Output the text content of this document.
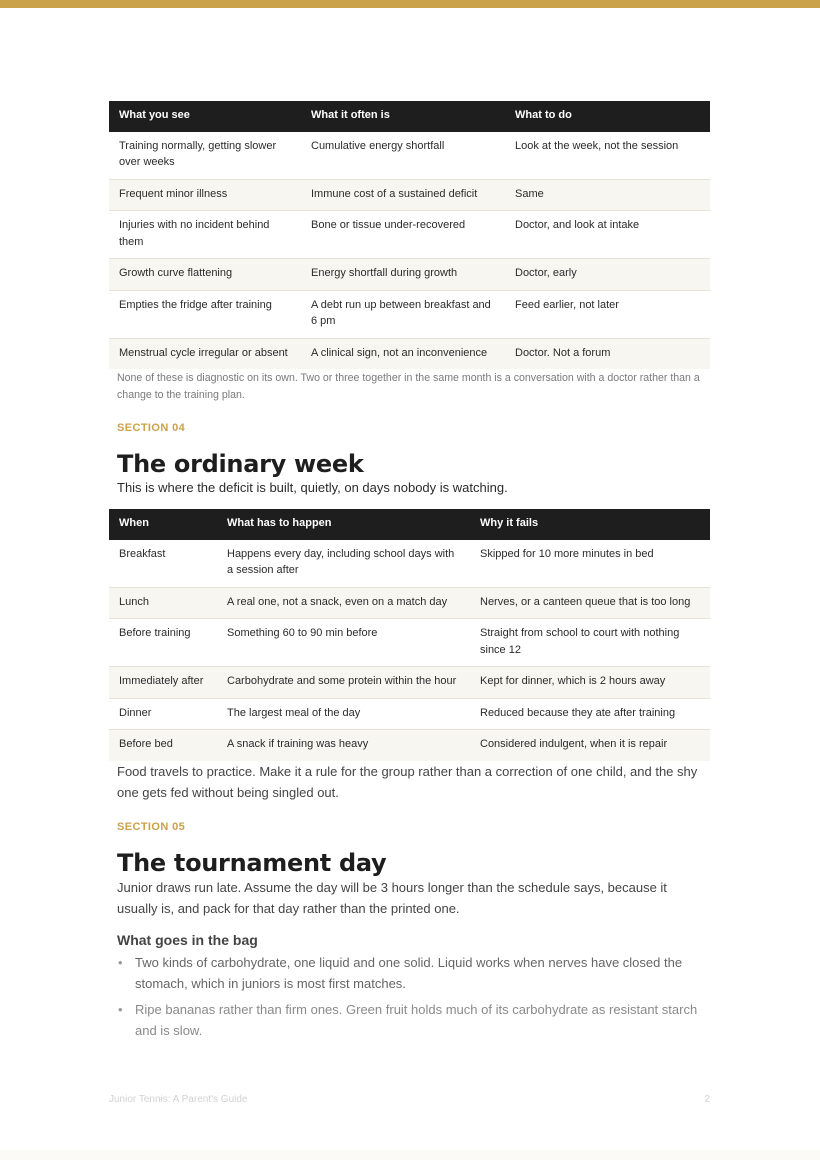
What you see	What it often is	What to do
Training normally, getting slower over weeks	Cumulative energy shortfall	Look at the week, not the session
Frequent minor illness	Immune cost of a sustained deficit	Same
Injuries with no incident behind them	Bone or tissue under-recovered	Doctor, and look at intake
Growth curve flattening	Energy shortfall during growth	Doctor, early
Empties the fridge after training	A debt run up between breakfast and 6 pm	Feed earlier, not later
Menstrual cycle irregular or absent	A clinical sign, not an inconvenience	Doctor. Not a forum
None of these is diagnostic on its own. Two or three together in the same month is a conversation with a doctor rather than a change to the training plan.
SECTION 04
The ordinary week
This is where the deficit is built, quietly, on days nobody is watching.
When	What has to happen	Why it fails
Breakfast	Happens every day, including school days with a session after	Skipped for 10 more minutes in bed
Lunch	A real one, not a snack, even on a match day	Nerves, or a canteen queue that is too long
Before training	Something 60 to 90 min before	Straight from school to court with nothing since 12
Immediately after	Carbohydrate and some protein within the hour	Kept for dinner, which is 2 hours away
Dinner	The largest meal of the day	Reduced because they ate after training
Before bed	A snack if training was heavy	Considered indulgent, when it is repair
Food travels to practice. Make it a rule for the group rather than a correction of one child, and the shy one gets fed without being singled out.
SECTION 05
The tournament day
Junior draws run late. Assume the day will be 3 hours longer than the schedule says, because it usually is, and pack for that day rather than the printed one.
What goes in the bag
• Two kinds of carbohydrate, one liquid and one solid. Liquid works when nerves have closed the stomach, which in juniors is most first matches.
• Ripe bananas rather than firm ones. Green fruit holds much of its carbohydrate as resistant starch and is slow.
Junior Tennis: A Parent's Guide	2
